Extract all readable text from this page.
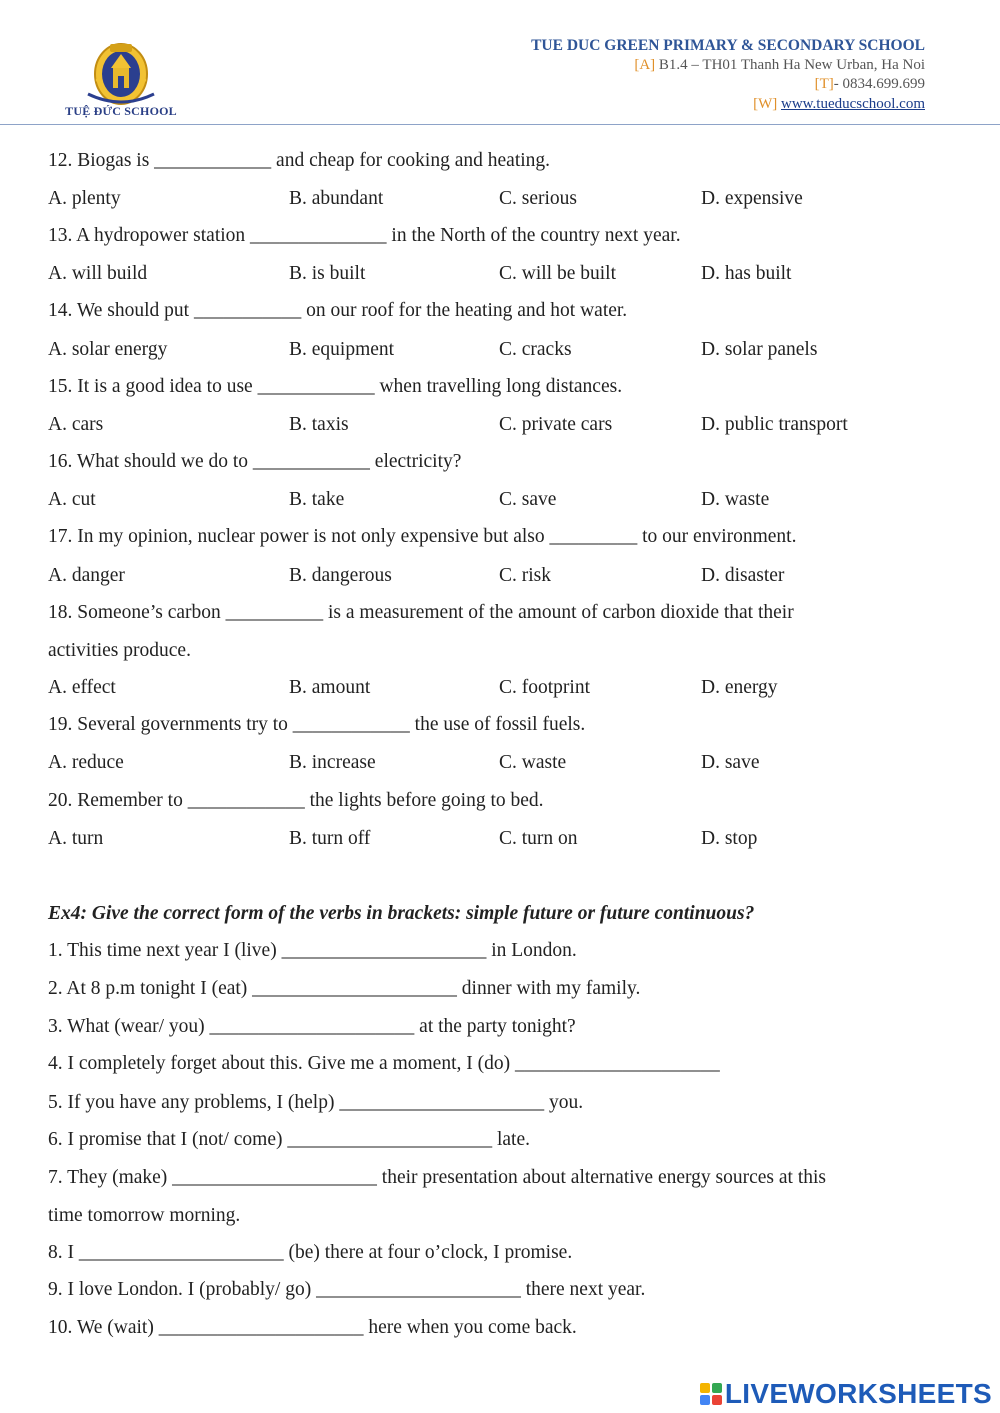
TUỆ ĐỨC SCHOOL
TUE DUC GREEN PRIMARY & SECONDARY SCHOOL
[A] B1.4 – TH01 Thanh Ha New Urban, Ha Noi
[T]- 0834.699.699
[W] www.tueducschool.com
12. Biogas is ____________ and cheap for cooking and heating.
A. plenty	B. abundant	C. serious	D. expensive
13. A hydropower station ______________ in the North of the country next year.
A. will build	B. is built	C. will be built	D. has built
14. We should put ___________ on our roof for the heating and hot water.
A. solar energy	B. equipment	C. cracks	D. solar panels
15. It is a good idea to use ____________ when travelling long distances.
A. cars	B. taxis	C. private cars	D. public transport
16. What should we do to ____________ electricity?
A. cut	B. take	C. save	D. waste
17. In my opinion, nuclear power is not only expensive but also _________ to our environment.
A. danger	B. dangerous	C. risk	D. disaster
18. Someone’s carbon __________ is a measurement of the amount of carbon dioxide that their
activities produce.
A. effect	B. amount	C. footprint	D. energy
19. Several governments try to ____________ the use of fossil fuels.
A. reduce	B. increase	C. waste	D. save
20. Remember to ____________ the lights before going to bed.
A. turn	B. turn off	C. turn on	D. stop
Ex4: Give the correct form of the verbs in brackets: simple future or future continuous?
1. This time next year I (live) _____________________ in London.
2. At 8 p.m tonight I (eat) _____________________ dinner with my family.
3. What (wear/ you) _____________________ at the party tonight?
4. I completely forget about this. Give me a moment, I (do) _____________________
5. If you have any problems, I (help) _____________________ you.
6. I promise that I (not/ come) _____________________ late.
7. They (make) _____________________ their presentation about alternative energy sources at this
time tomorrow morning.
8. I _____________________ (be) there at four o’clock, I promise.
9. I love London. I (probably/ go) _____________________ there next year.
10. We (wait) _____________________ here when you come back.
LIVEWORKSHEETS
